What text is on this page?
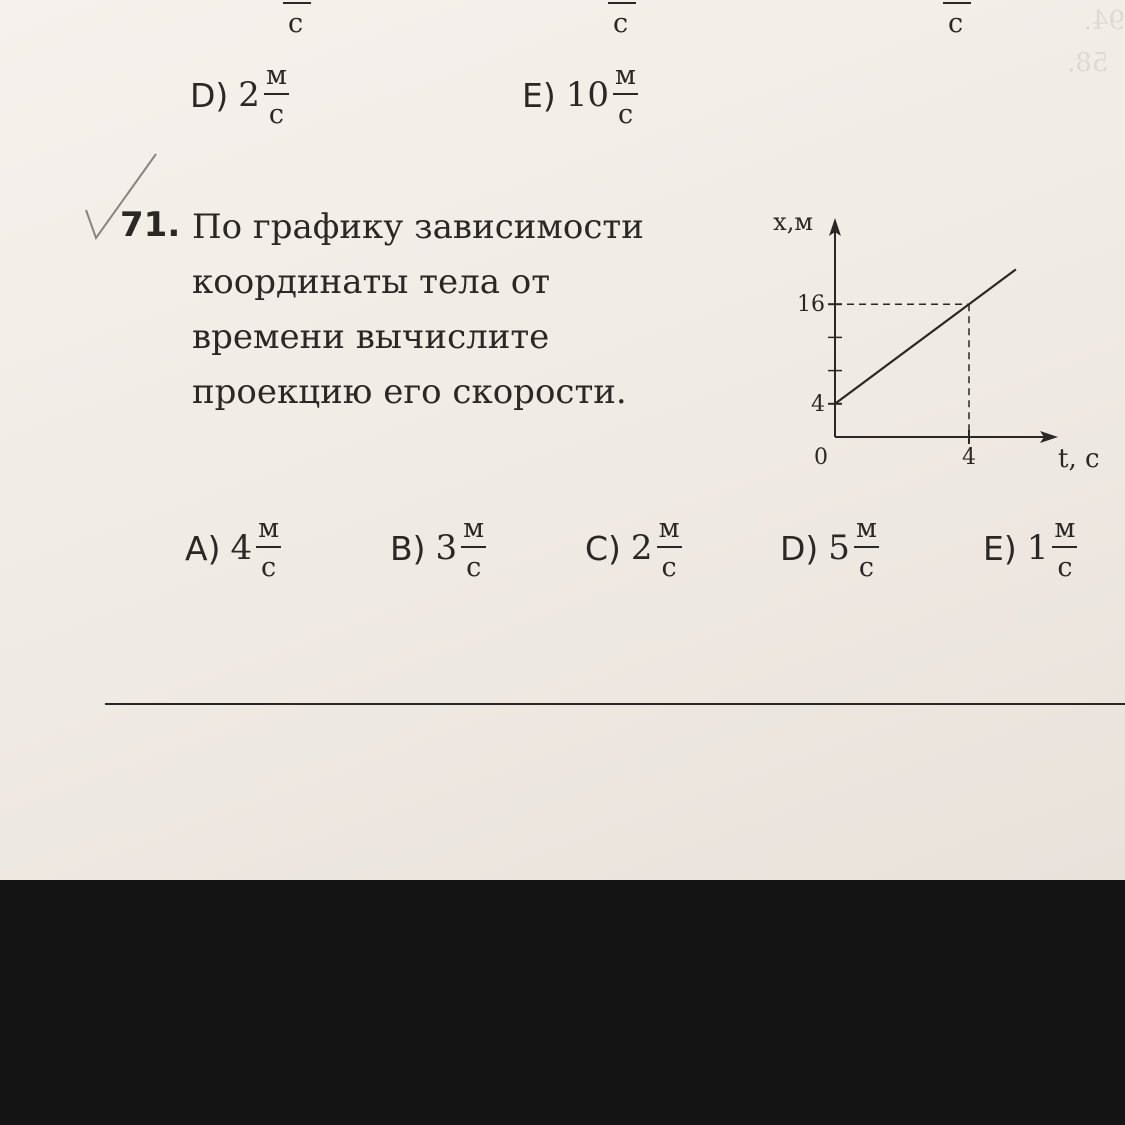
94.
58.

c	c	c
D) $2 \frac{м}{с}$	E) $10 \frac{м}{с}$
71. По графику зависимости
координаты тела от
времени вычислите
проекцию его скорости.	4
16
0	4
x,м
t, c
A) $4 \frac{м}{с}$	B) $3 \frac{м}{с}$	C) $2 \frac{м}{с}$	D) $5 \frac{м}{с}$	E) $1 \frac{м}{с}$
